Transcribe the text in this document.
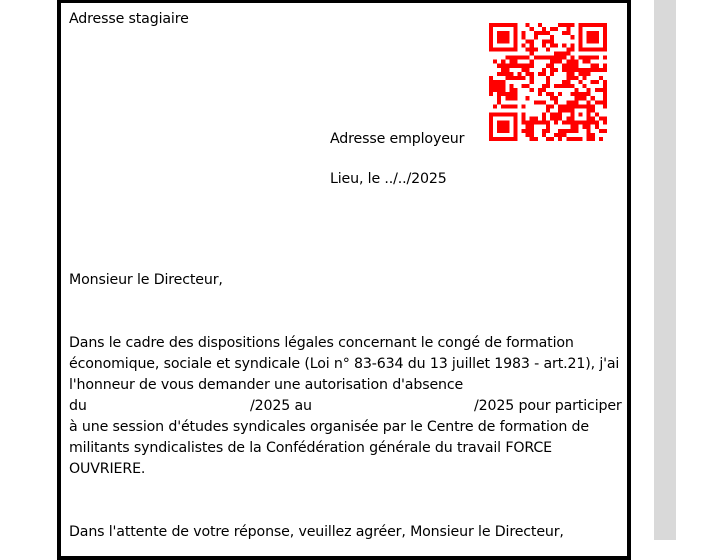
Adresse stagiaire
Adresse employeur
Lieu, le ../../2025
Monsieur le Directeur,
Dans le cadre des dispositions légales concernant le congé de formation
économique, sociale et syndicale (Loi n° 83-634 du 13 juillet 1983 - art.21), j'ai
l'honneur de vous demander une autorisation d'absence
du	/2025 au	/2025 pour participer
à une session d'études syndicales organisée par le Centre de formation de
militants syndicalistes de la Confédération générale du travail FORCE
OUVRIERE.
Dans l'attente de votre réponse, veuillez agréer, Monsieur le Directeur,
